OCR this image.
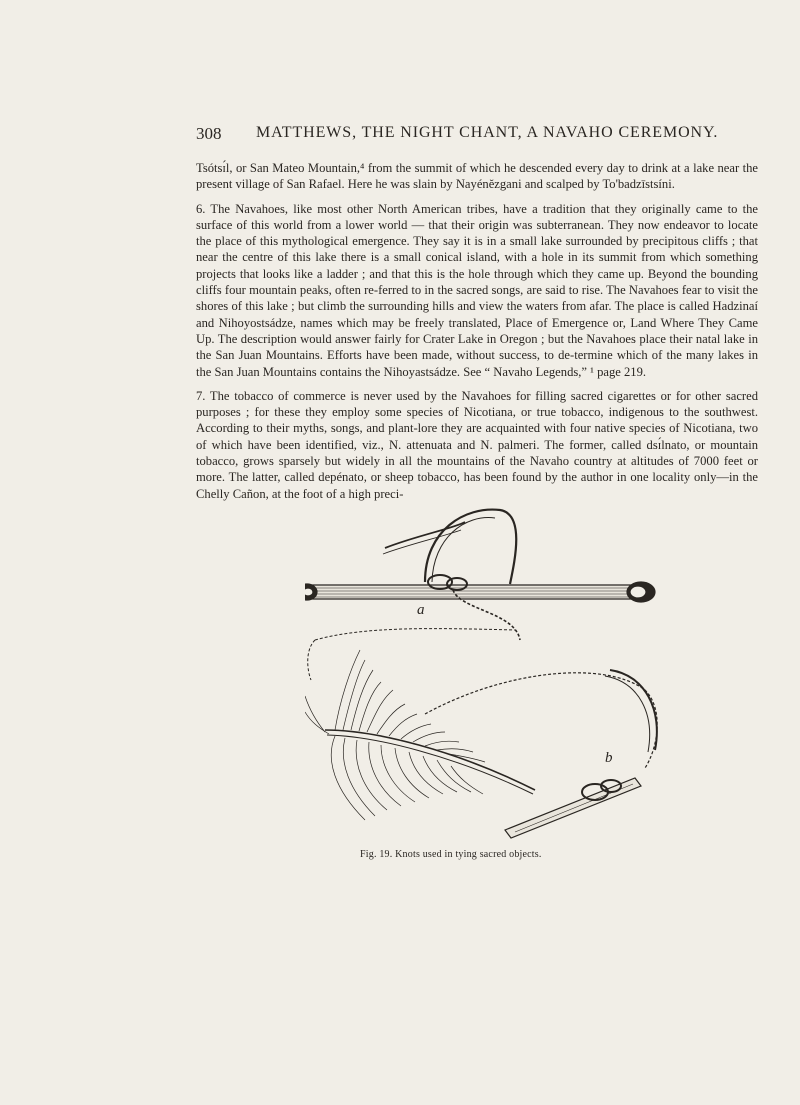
308 MATTHEWS, THE NIGHT CHANT, A NAVAHO CEREMONY.

Tsótsɪ́l, or San Mateo Mountain,⁴ from the summit of which he descended every day to drink at a lake near the present village of San Rafael. Here he was slain by Nayénĕzgani and scalped by To'badzīstsíni.

6. The Navahoes, like most other North American tribes, have a tradition that they originally came to the surface of this world from a lower world — that their origin was subterranean. They now endeavor to locate the place of this mythological emergence. They say it is in a small lake surrounded by precipitous cliffs ; that near the centre of this lake there is a small conical island, with a hole in its summit from which something projects that looks like a ladder ; and that this is the hole through which they came up. Beyond the bounding cliffs four mountain peaks, often re-ferred to in the sacred songs, are said to rise. The Navahoes fear to visit the shores of this lake ; but climb the surrounding hills and view the waters from afar. The place is called Hadzinaí and Nihoyostsádze, names which may be freely translated, Place of Emergence or, Land Where They Came Up. The description would answer fairly for Crater Lake in Oregon ; but the Navahoes place their natal lake in the San Juan Mountains. Efforts have been made, without success, to de-termine which of the many lakes in the San Juan Mountains contains the Nihoyastsádze. See “ Navaho Legends,” ¹ page 219.

7. The tobacco of commerce is never used by the Navahoes for filling sacred cigarettes or for other sacred purposes ; for these they employ some species of Nicotiana, or true tobacco, indigenous to the southwest. According to their myths, songs, and plant-lore they are acquainted with four native species of Nicotiana, two of which have been identified, viz., N. attenuata and N. palmeri. The former, called dsɪ́lnato, or mountain tobacco, grows sparsely but widely in all the mountains of the Navaho country at altitudes of 7000 feet or more. The latter, called depénato, or sheep tobacco, has been found by the author in one locality only—in the Chelly Cañon, at the foot of a high preci-

a
b
Fig. 19. Knots used in tying sacred objects.
